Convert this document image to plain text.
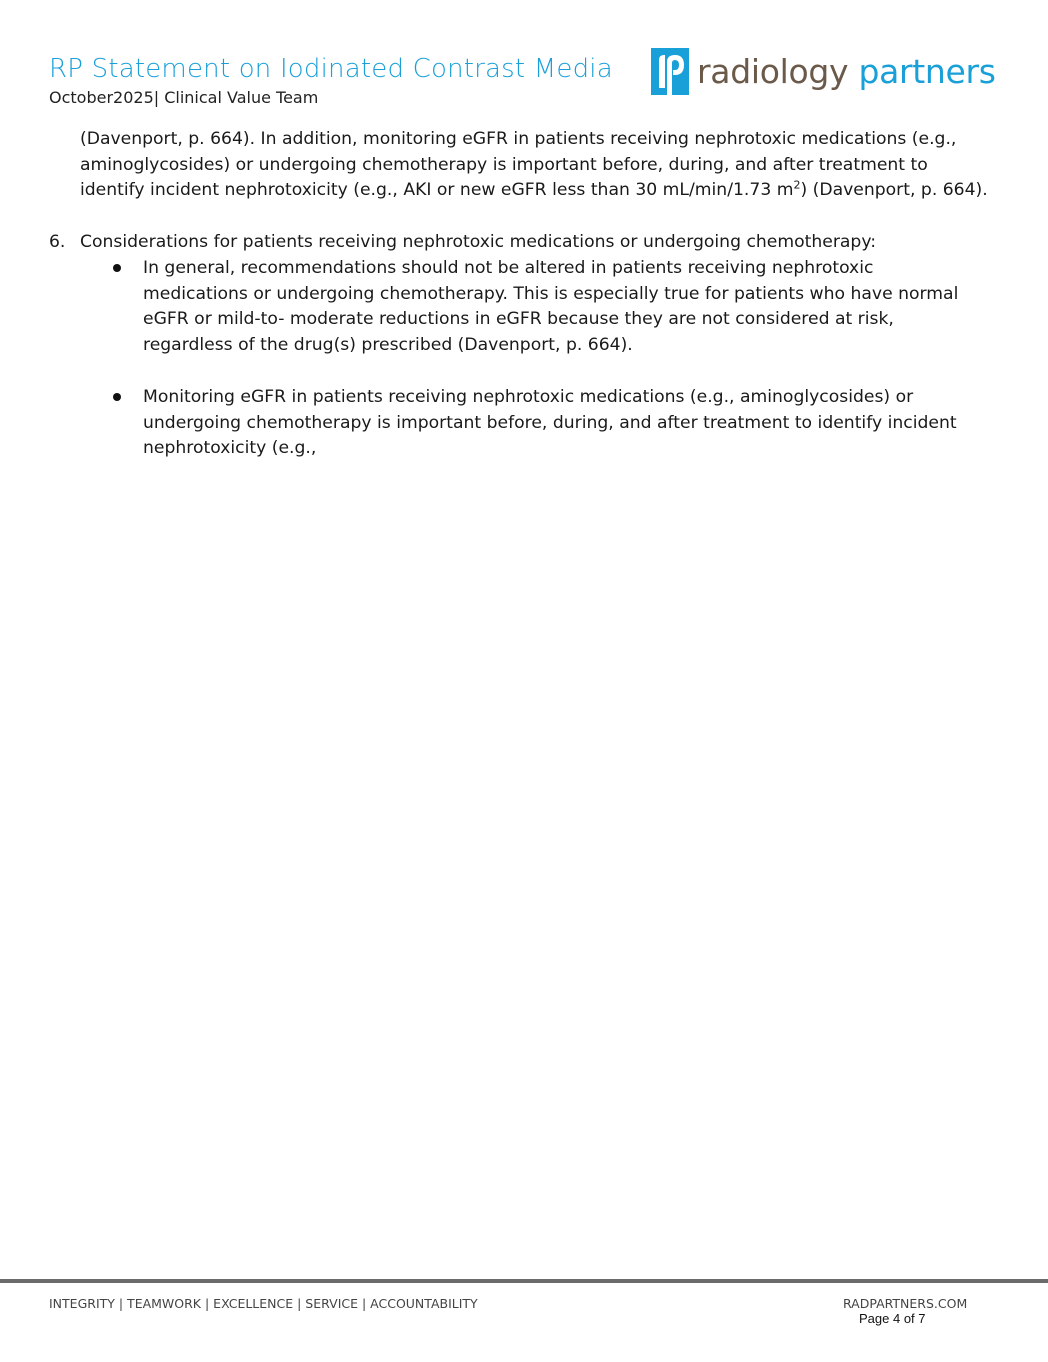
RP Statement on Iodinated Contrast Media
October2025| Clinical Value Team
radiology partners
(Davenport, p. 664). In addition, monitoring eGFR in patients receiving nephrotoxic medications (e.g., aminoglycosides) or undergoing chemotherapy is important before, during, and after treatment to identify incident nephrotoxicity (e.g., AKI or new eGFR less than 30 mL/min/1.73 $m^2$) (Davenport, p. 664).
6. Considerations for patients receiving nephrotoxic medications or undergoing chemotherapy:
In general, recommendations should not be altered in patients receiving nephrotoxic medications or undergoing chemotherapy. This is especially true for patients who have normal eGFR or mild-to- moderate reductions in eGFR because they are not considered at risk, regardless of the drug(s) prescribed (Davenport, p. 664).
Monitoring eGFR in patients receiving nephrotoxic medications (e.g., aminoglycosides) or undergoing chemotherapy is important before, during, and after treatment to identify incident nephrotoxicity (e.g.,
INTEGRITY | TEAMWORK | EXCELLENCE | SERVICE | ACCOUNTABILITY	RADPARTNERS.COM
Page 4 of 7
